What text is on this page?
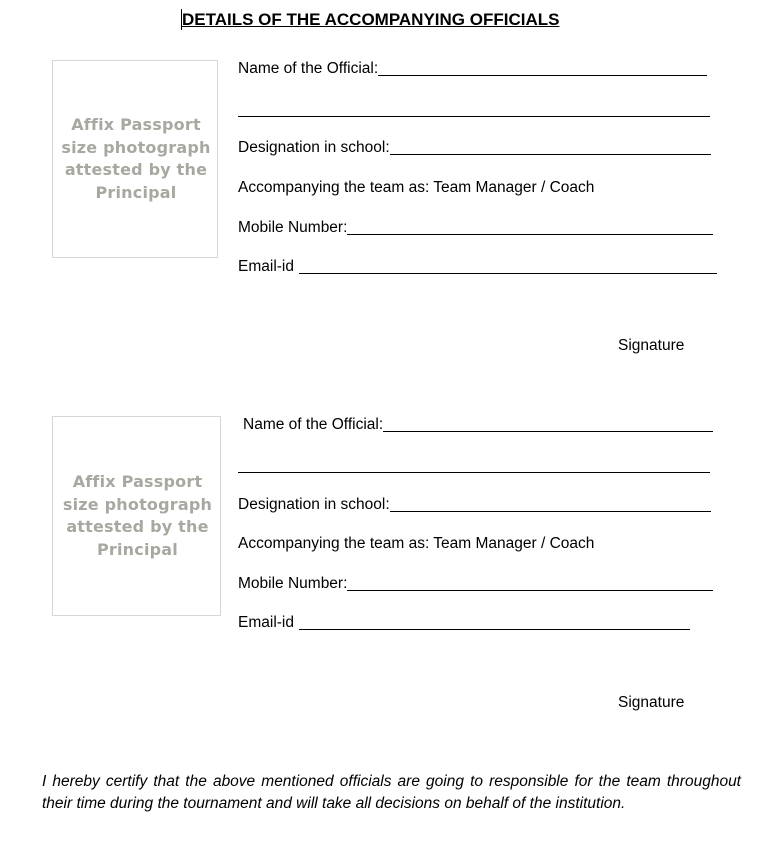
DETAILS OF THE ACCOMPANYING OFFICIALS
Affix Passport
size photograph
attested by the
Principal
Name of the Official:
Designation in school:
Accompanying the team as: Team Manager / Coach
Mobile Number:
Email-id
Signature
Affix Passport
size photograph
attested by the
Principal
Name of the Official:
Designation in school:
Accompanying the team as: Team Manager / Coach
Mobile Number:
Email-id
Signature
I hereby certify that the above mentioned officials are going to responsible for the team throughout their time during the tournament and will take all decisions on behalf of the institution.
